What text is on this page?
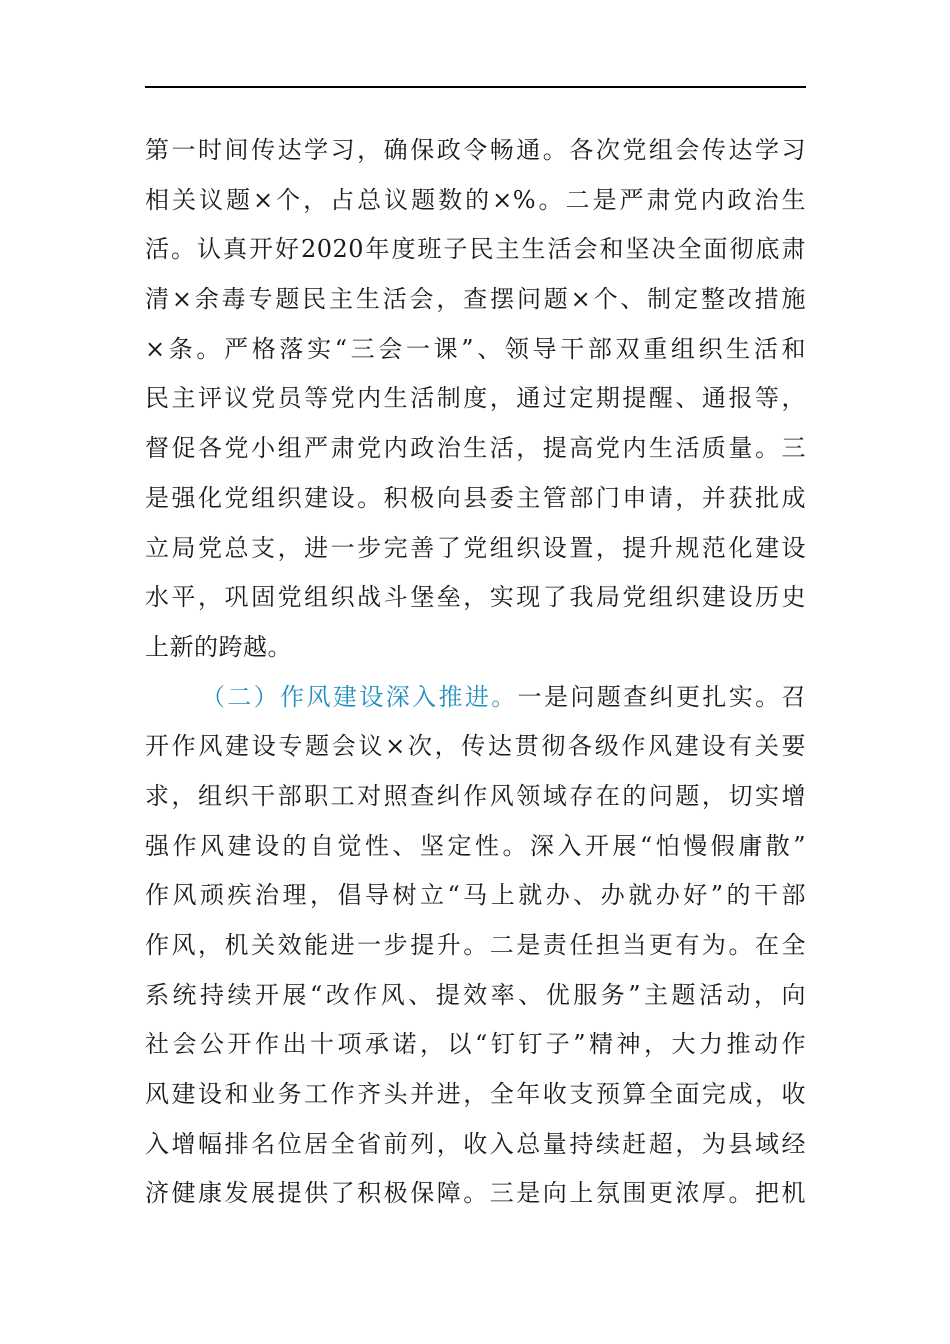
第一时间传达学习，确保政令畅通。各次党组会传达学习
相关议题×个，占总议题数的×%。二是严肃党内政治生
活。认真开好2020年度班子民主生活会和坚决全面彻底肃
清×余毒专题民主生活会，查摆问题×个、制定整改措施
×条。严格落实“三会一课”、领导干部双重组织生活和
民主评议党员等党内生活制度，通过定期提醒、通报等，
督促各党小组严肃党内政治生活，提高党内生活质量。三
是强化党组织建设。积极向县委主管部门申请，并获批成
立局党总支，进一步完善了党组织设置，提升规范化建设
水平，巩固党组织战斗堡垒，实现了我局党组织建设历史
上新的跨越。
（二）作风建设深入推进。一是问题查纠更扎实。召
开作风建设专题会议×次，传达贯彻各级作风建设有关要
求，组织干部职工对照查纠作风领域存在的问题，切实增
强作风建设的自觉性、坚定性。深入开展“怕慢假庸散”
作风顽疾治理，倡导树立“马上就办、办就办好”的干部
作风，机关效能进一步提升。二是责任担当更有为。在全
系统持续开展“改作风、提效率、优服务”主题活动，向
社会公开作出十项承诺，以“钉钉子”精神，大力推动作
风建设和业务工作齐头并进，全年收支预算全面完成，收
入增幅排名位居全省前列，收入总量持续赶超，为县域经
济健康发展提供了积极保障。三是向上氛围更浓厚。把机
